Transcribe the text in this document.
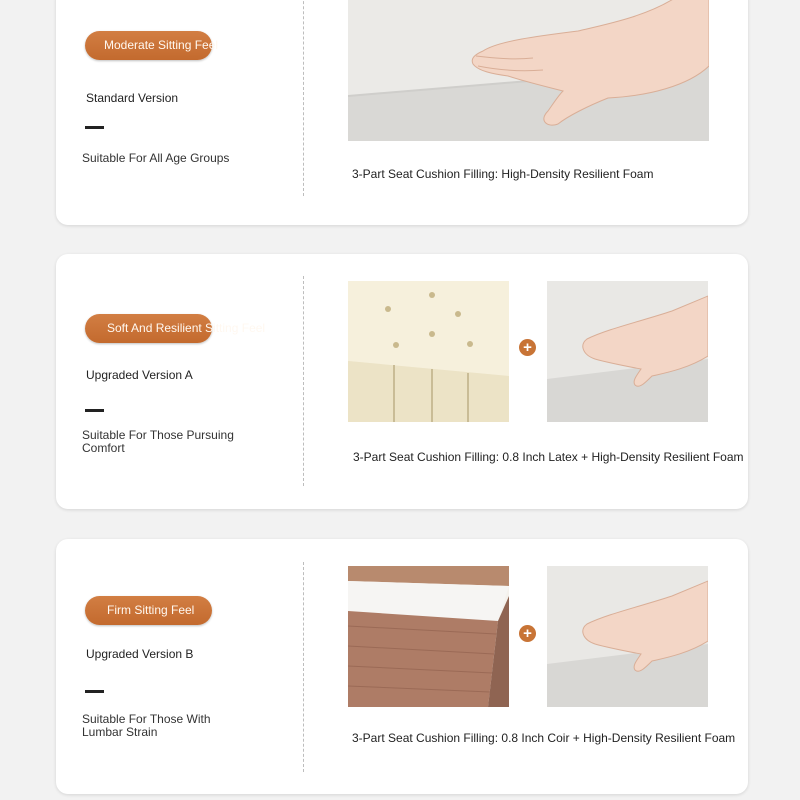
Moderate Sitting Feel
Standard Version
Suitable For All Age Groups
3-Part Seat Cushion Filling: High-Density Resilient Foam
Soft And Resilient Sitting Feel
Upgraded Version A
Suitable For Those Pursuing Comfort
+
3-Part Seat Cushion Filling: 0.8 Inch Latex + High-Density Resilient Foam
Firm Sitting Feel
Upgraded Version B
Suitable For Those With Lumbar Strain
+
3-Part Seat Cushion Filling: 0.8 Inch Coir + High-Density Resilient Foam
